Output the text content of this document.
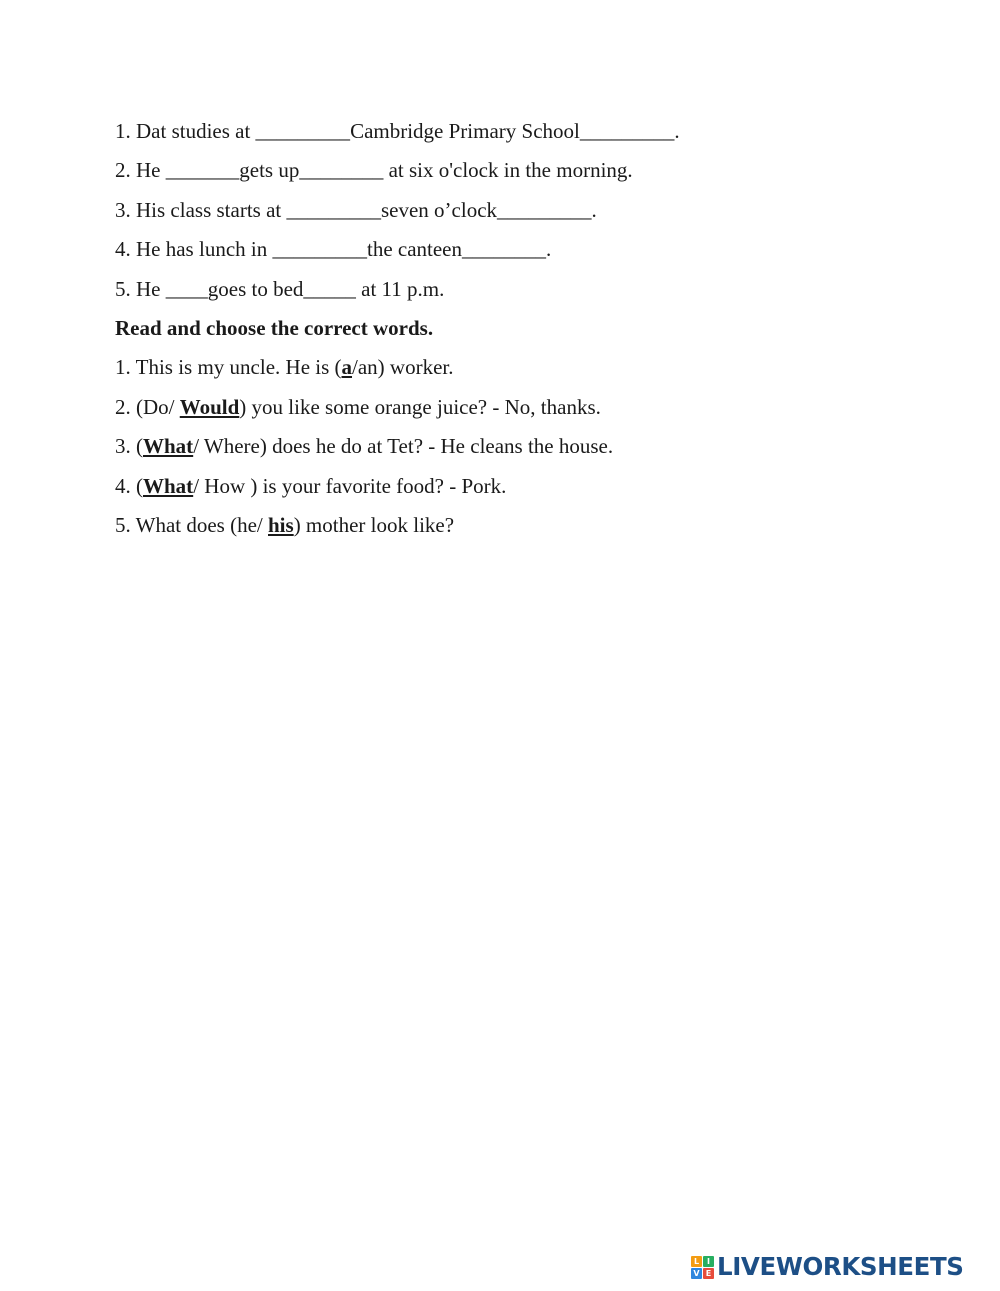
1. Dat studies at _________Cambridge Primary School_________.
2. He _______gets up________ at six o'clock in the morning.
3. His class starts at _________seven o’clock_________.
4. He has lunch in _________the canteen________.
5. He ____goes to bed_____ at 11 p.m.
Read and choose the correct words.
1. This is my uncle. He is (a/an) worker.
2. (Do/ Would) you like some orange juice? - No, thanks.
3. (What/ Where) does he do at Tet? - He cleans the house.
4. (What/ How ) is your favorite food? - Pork.
5. What does (he/ his) mother look like?
L I
V E LIVEWORKSHEETS
